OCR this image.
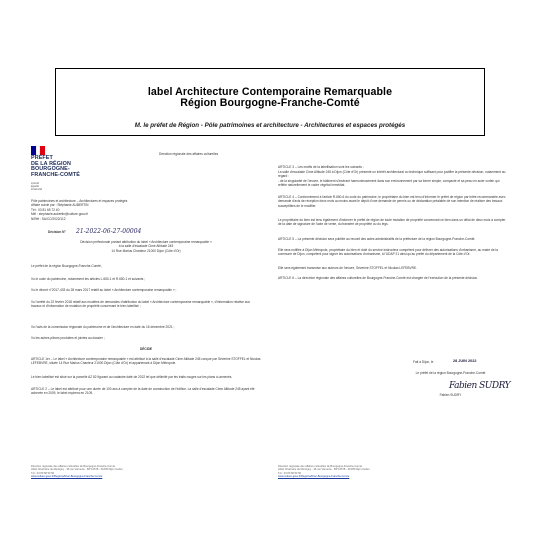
label Architecture Contemporaine Remarquable
Région Bourgogne-Franche-Comté
M. le préfet de Région - Pôle patrimoines et architecture - Architectures et espaces protégés
PRÉFET
DE LA RÉGION
BOURGOGNE-
FRANCHE-COMTÉ
Liberté
Égalité
Fraternité
Direction régionale des affaires culturelles
Pôle patrimoines et architecture – Architectures et espaces protégés
Affaire suivie par : Stéphanie AUBERTIN
Tél : 03 81 65 72 40
Mél : stephanie.aubertin@culture.gouv.fr
N/Réf : SA/CC/2022/112
Décision N° 21-2022-06-27-00004
Décision préfectorale portant attribution du label « Architecture contemporaine remarquable »
à la salle d'escalade Cime Altitude 245
14 Rue Marius Chanteur 21000 Dijon (Côte d'Or)
Le préfet de la région Bourgogne-Franche-Comté,
Vu le code du patrimoine, notamment les articles L.650-1 et R.650-1 et suivants ;
Vu le décret n°2017-433 du 28 mars 2017 relatif au label « Architecture contemporaine remarquable » ;
Vu l'arrêté du 22 février 2018 relatif aux modèles de demandes d'attribution du label « Architecture contemporaine remarquable », d'information relative aux travaux et d'information de mutation de propriété concernant le bien labellisé ;
Vu l'avis de la commission régionale du patrimoine et de l'architecture en date du 16 décembre 2021 ;
Vu les autres pièces produites et jointes au dossier ;
DÉCIDE
ARTICLE 1er – Le label « Architecture contemporaine remarquable » est attribué à la salle d'escalade Cime Altitude 245 conçue par Séverine STOFFEL et Nicolas LEFEBVRE, située 14 Rue Marius Chanteur 21000 Dijon (Côte d'Or) et appartenant à Dijon Métropole.
Le bien labellisé est situé sur la parcelle AZ 82 figurant au cadastre daté de 2022 tel que délimité par les traits rouges sur les plans ci-annexés.
ARTICLE 2 – Le label est attribué pour une durée de 100 ans à compter de la date de construction de l'édifice. La salle d'escalade Cime Altitude 245 ayant été achevée en 2009, le label expirera en 2109.
Direction régionale des affaires culturelles de Bourgogne-Franche-Comté
Hôtel Chartraire de Montigny - 39 rue Vannerie - BP 10578 - 21005 Dijon Cedex
Tél : 03 80 68 50 50
www.culture.gouv.fr/Regions/Drac-Bourgogne-Franche-Comte
ARTICLE 3 – Les motifs de la labellisation sont les suivants :
La salle d'escalade Cime Altitude 245 à Dijon (Côte d'Or) présente un intérêt architectural ou technique suffisant pour justifier la présente décision, notamment au regard :
- de la singularité de l'œuvre, le bâtiment s'insérant harmonieusement dans son environnement par sa forme simple, compacte et sa peau en acier corten qui reflète naturellement le cadre végétal immédiat.
ARTICLE 4 – Conformément à l'article R.650-6 du code du patrimoine, le propriétaire du bien est tenu d'informer le préfet de région par lettre recommandée avec demande d'avis de réception deux mois au moins avant le dépôt d'une demande de permis ou de déclaration préalable de son intention de réaliser des travaux susceptibles de le modifier.
Le propriétaire du bien est tenu également d'informer le préfet de région de toute mutation de propriété concernant ce bien dans un délai de deux mois à compter de la date de signature de l'acte de vente, du transfert de propriété ou du legs.
ARTICLE 5 – La présente décision sera publiée au recueil des actes administratifs de la préfecture de la région Bourgogne-Franche-Comté.
Elle sera notifiée à Dijon Métropole, propriétaire du bien et doté du service instructeur compétent pour délivrer des autorisations d'urbanisme, au maire de la commune de Dijon, compétent pour signer les autorisations d'urbanisme, à l'UDAP 21 ainsi qu'au préfet du département de la Côte d'Or.
Elle sera également transmise aux auteurs de l'œuvre, Séverine STOFFEL et Nicolas LEFEBVRE.
ARTICLE 6 – La directrice régionale des affaires culturelles de Bourgogne-Franche-Comté est chargée de l'exécution de la présente décision.
Fait à Dijon, le	28 JUIN 2022
Le préfet de la région Bourgogne-Franche-Comté
Fabien SUDRY
Fabien SUDRY
Direction régionale des affaires culturelles de Bourgogne-Franche-Comté
Hôtel Chartraire de Montigny - 39 rue Vannerie - BP 10578 - 21005 Dijon Cedex
Tél : 03 80 68 50 50
www.culture.gouv.fr/Regions/Drac-Bourgogne-Franche-Comte
